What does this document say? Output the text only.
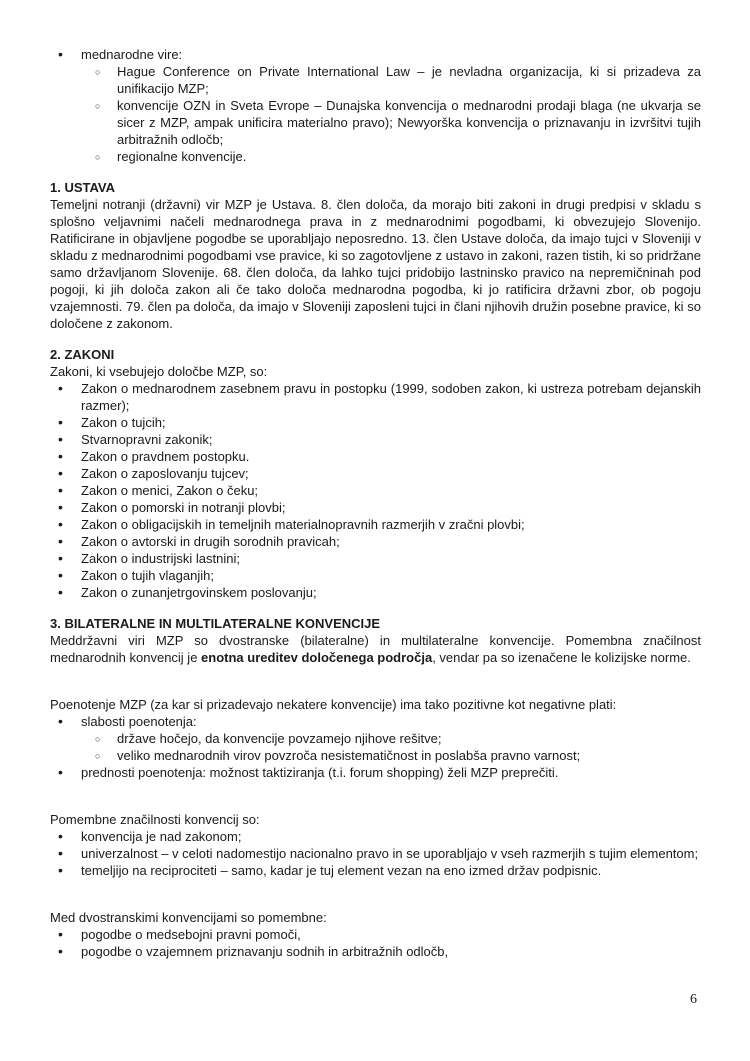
• mednarodne vire:
○ Hague Conference on Private International Law – je nevladna organizacija, ki si prizadeva za unifikacijo MZP;
○ konvencije OZN in Sveta Evrope – Dunajska konvencija o mednarodni prodaji blaga (ne ukvarja se sicer z MZP, ampak unificira materialno pravo); Newyorška konvencija o priznavanju in izvršitvi tujih arbitražnih odločb;
○ regionalne konvencije.
1. USTAVA

Temeljni notranji (državni) vir MZP je Ustava. 8. člen določa, da morajo biti zakoni in drugi predpisi v skladu s splošno veljavnimi načeli mednarodnega prava in z mednarodnimi pogodbami, ki obvezujejo Slovenijo. Ratificirane in objavljene pogodbe se uporabljajo neposredno. 13. člen Ustave določa, da imajo tujci v Sloveniji v skladu z mednarodnimi pogodbami vse pravice, ki so zagotovljene z ustavo in zakoni, razen tistih, ki so pridržane samo državljanom Slovenije. 68. člen določa, da lahko tujci pridobijo lastninsko pravico na nepremičninah pod pogoji, ki jih določa zakon ali če tako določa mednarodna pogodba, ki jo ratificira državni zbor, ob pogoju vzajemnosti. 79. člen pa določa, da imajo v Sloveniji zaposleni tujci in člani njihovih družin posebne pravice, ki so določene z zakonom.

2. ZAKONI

Zakoni, ki vsebujejo določbe MZP, so:

• Zakon o mednarodnem zasebnem pravu in postopku (1999, sodoben zakon, ki ustreza potrebam dejanskih razmer);
• Zakon o tujcih;
• Stvarnopravni zakonik;
• Zakon o pravdnem postopku.
• Zakon o zaposlovanju tujcev;
• Zakon o menici, Zakon o čeku;
• Zakon o pomorski in notranji plovbi;
• Zakon o obligacijskih in temeljnih materialnopravnih razmerjih v zračni plovbi;
• Zakon o avtorski in drugih sorodnih pravicah;
• Zakon o industrijski lastnini;
• Zakon o tujih vlaganjih;
• Zakon o zunanjetrgovinskem poslovanju;
3. BILATERALNE IN MULTILATERALNE KONVENCIJE

Meddržavni viri MZP so dvostranske (bilateralne) in multilateralne konvencije. Pomembna značilnost mednarodnih konvencij je enotna ureditev določenega področja, vendar pa so izenačene le kolizijske norme.

Poenotenje MZP (za kar si prizadevajo nekatere konvencije) ima tako pozitivne kot negativne plati:

• slabosti poenotenja:
○ države hočejo, da konvencije povzamejo njihove rešitve;
○ veliko mednarodnih virov povzroča nesistematičnost in poslabša pravno varnost;
• prednosti poenotenja: možnost taktiziranja (t.i. forum shopping) želi MZP preprečiti.

Pomembne značilnosti konvencij so:

• konvencija je nad zakonom;
• univerzalnost – v celoti nadomestijo nacionalno pravo in se uporabljajo v vseh razmerjih s tujim elementom;
• temeljijo na reciprociteti – samo, kadar je tuj element vezan na eno izmed držav podpisnic.

Med dvostranskimi konvencijami so pomembne:

• pogodbe o medsebojni pravni pomoči,
• pogodbe o vzajemnem priznavanju sodnih in arbitražnih odločb,
6
